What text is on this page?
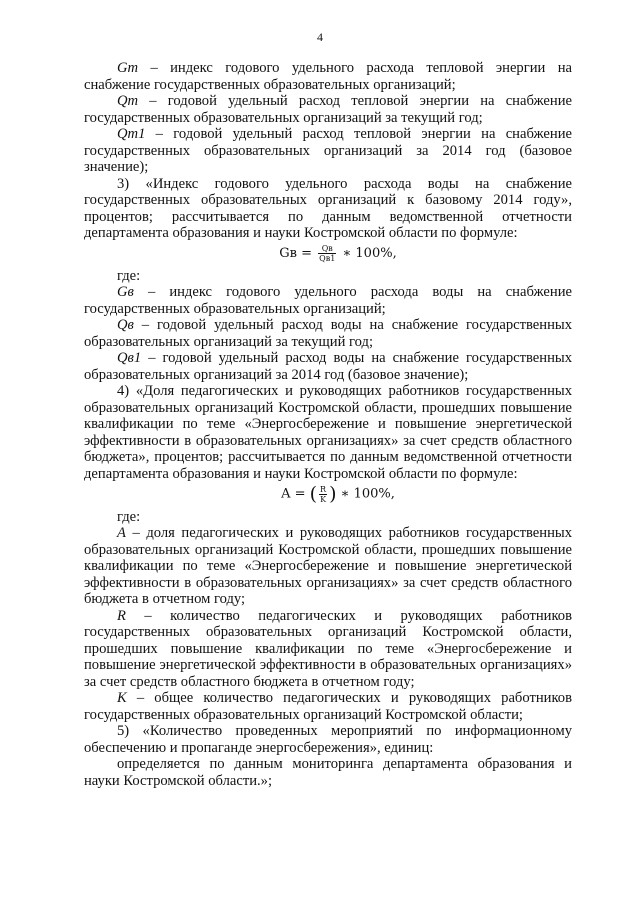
4

Gm – индекс годового удельного расхода тепловой энергии на снабжение государственных образовательных организаций;

Qm – годовой удельный расход тепловой энергии на снабжение государственных образовательных организаций за текущий год;

Qm1 – годовой удельный расход тепловой энергии на снабжение государственных образовательных организаций за 2014 год (базовое значение);

3) «Индекс годового удельного расхода воды на снабжение государственных образовательных организаций к базовому 2014 году», процентов; рассчитывается по данным ведомственной отчетности департамента образования и науки Костромской области по формуле:

Gв = $\frac{Qв}{Qв1}$ ∗ 100%,

где:

Gв – индекс годового удельного расхода воды на снабжение государственных образовательных организаций;

Qв – годовой удельный расход воды на снабжение государственных образовательных организаций за текущий год;

Qв1 – годовой удельный расход воды на снабжение государственных образовательных организаций за 2014 год (базовое значение);

4) «Доля педагогических и руководящих работников государственных образовательных организаций Костромской области, прошедших повышение квалификации по теме «Энергосбережение и повышение энергетической эффективности в образовательных организациях» за счет средств областного бюджета», процентов; рассчитывается по данным ведомственной отчетности департамента образования и науки Костромской области по формуле:

A = ( $\frac{R}{K}$ ) ∗ 100%,

где:

A – доля педагогических и руководящих работников государственных образовательных организаций Костромской области, прошедших повышение квалификации по теме «Энергосбережение и повышение энергетической эффективности в образовательных организациях» за счет средств областного бюджета в отчетном году;

R – количество педагогических и руководящих работников государственных образовательных организаций Костромской области, прошедших повышение квалификации по теме «Энергосбережение и повышение энергетической эффективности в образовательных организациях» за счет средств областного бюджета в отчетном году;

K – общее количество педагогических и руководящих работников государственных образовательных организаций Костромской области;

5) «Количество проведенных мероприятий по информационному обеспечению и пропаганде энергосбережения», единиц:

определяется по данным мониторинга департамента образования и науки Костромской области.»;
